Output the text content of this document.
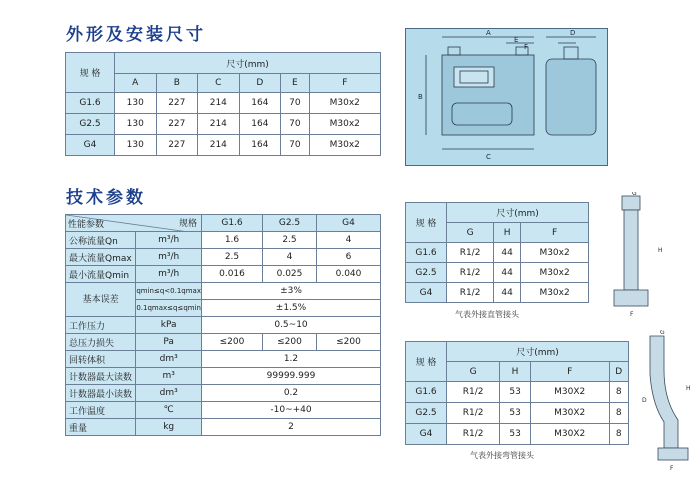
外形及安装尺寸
技术参数
规 格	尺寸(mm)					
	A	B	C	D	E	F
G1.6	130	227	214	164	70	M30x2
G2.5	130	227	214	164	70	M30x2
G4	130	227	214	164	70	M30x2
A
E
F
D
B
C
规格
性能参数		G1.6	G2.5	G4
公称流量Qn	m³/h	1.6	2.5	4
最大流量Qmax	m³/h	2.5	4	6
最小流量Qmin	m³/h	0.016	0.025	0.040
基本误差	qmin≤q<0.1qmax	±3%		
	0.1qmax≤q≤qmin	±1.5%		
工作压力	kPa	0.5~10		
总压力损失	Pa	≤200	≤200	≤200
回转体积	dm³	1.2		
计数器最大读数	m³	99999.999		
计数器最小读数	dm³	0.2		
工作温度	℃	-10~+40		
重量	kg	2		
规 格	尺寸(mm)		
	G	H	F
G1.6	R1/2	44	M30x2
G2.5	R1/2	44	M30x2
G4	R1/2	44	M30x2
气表外接直管接头
规 格	尺寸(mm)			
	G	H	F	D
G1.6	R1/2	53	M30X2	8
G2.5	R1/2	53	M30X2	8
G4	R1/2	53	M30X2	8
气表外接弯管接头
G
H
F
G
H
F
D
